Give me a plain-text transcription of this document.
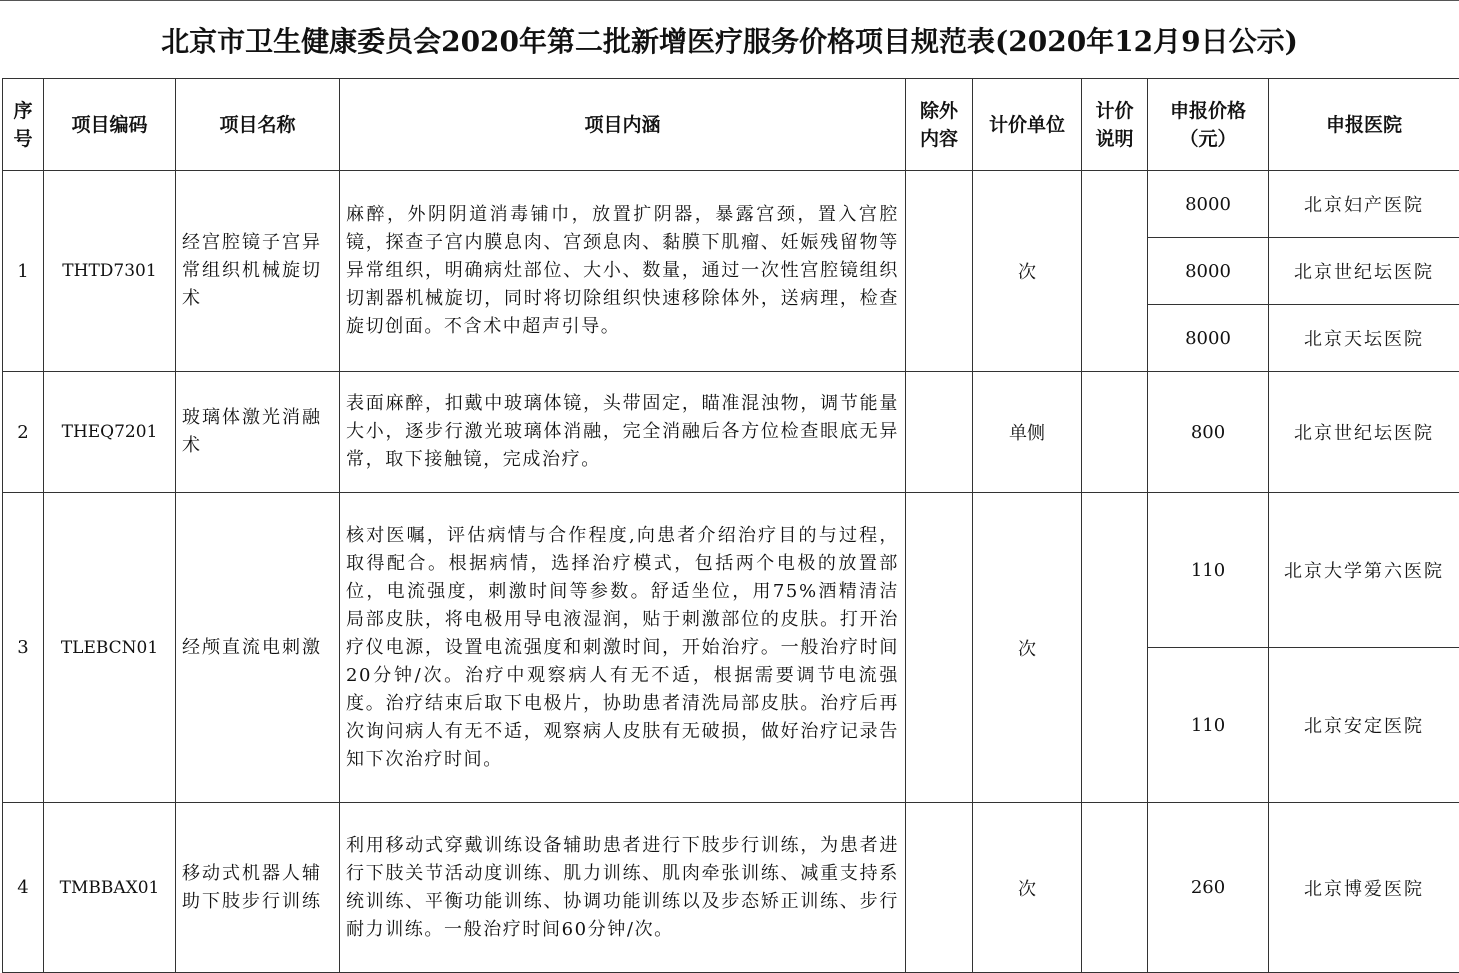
北京市卫生健康委员会2020年第二批新增医疗服务价格项目规范表(2020年12月9日公示)
序号	项目编码	项目名称	项目内涵	除外内容	计价单位	计价说明	申报价格（元）	申报医院
1	THTD7301	经宫腔镜子宫异常组织机械旋切术	麻醉，外阴阴道消毒铺巾，放置扩阴器，暴露宫颈，置入宫腔镜，探查子宫内膜息肉、宫颈息肉、黏膜下肌瘤、妊娠残留物等异常组织，明确病灶部位、大小、数量，通过一次性宫腔镜组织切割器机械旋切，同时将切除组织快速移除体外，送病理，检查旋切创面。不含术中超声引导。		次		8000	北京妇产医院
							8000	北京世纪坛医院
							8000	北京天坛医院
2	THEQ7201	玻璃体激光消融术	表面麻醉，扣戴中玻璃体镜，头带固定，瞄准混浊物，调节能量大小，逐步行激光玻璃体消融，完全消融后各方位检查眼底无异常，取下接触镜，完成治疗。		单侧		800	北京世纪坛医院
3	TLEBCN01	经颅直流电刺激	核对医嘱，评估病情与合作程度,向患者介绍治疗目的与过程，取得配合。根据病情，选择治疗模式，包括两个电极的放置部位，电流强度，刺激时间等参数。舒适坐位，用75%酒精清洁局部皮肤，将电极用导电液湿润，贴于刺激部位的皮肤。打开治疗仪电源，设置电流强度和刺激时间，开始治疗。一般治疗时间20分钟/次。治疗中观察病人有无不适，根据需要调节电流强度。治疗结束后取下电极片，协助患者清洗局部皮肤。治疗后再次询问病人有无不适，观察病人皮肤有无破损，做好治疗记录告知下次治疗时间。		次		110	北京大学第六医院
							110	北京安定医院
4	TMBBAX01	移动式机器人辅助下肢步行训练	利用移动式穿戴训练设备辅助患者进行下肢步行训练，为患者进行下肢关节活动度训练、肌力训练、肌肉牵张训练、减重支持系统训练、平衡功能训练、协调功能训练以及步态矫正训练、步行耐力训练。一般治疗时间60分钟/次。		次		260	北京博爱医院
